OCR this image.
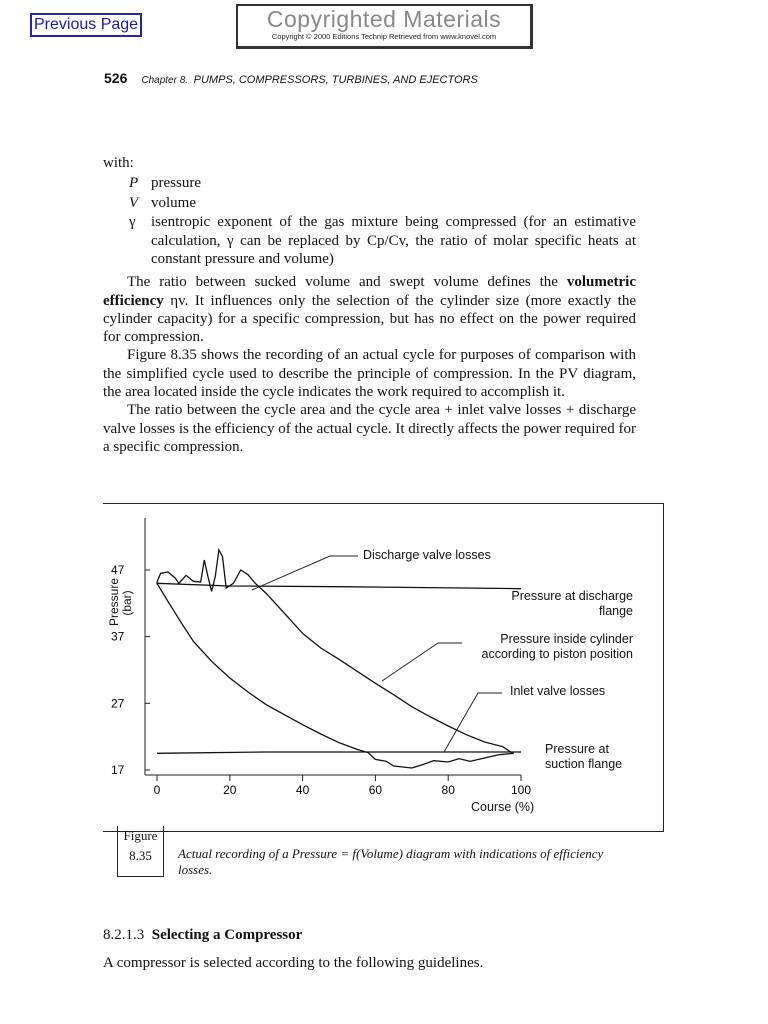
Previous Page	Copyrighted Materials
Copyright © 2000 Editions Technip Retrieved from www.knovel.com
526 Chapter 8. PUMPS, COMPRESSORS, TURBINES, AND EJECTORS

with:

P pressure
V volume
γ	isentropic exponent of the gas mixture being compressed (for an estimative calculation, γ can be replaced by Cp/Cv, the ratio of molar specific heats at constant pressure and volume)

The ratio between sucked volume and swept volume defines the volumetric efficiency ηv. It influences only the selection of the cylinder size (more exactly the cylinder capacity) for a specific compression, but has no effect on the power required for compression.

Figure 8.35 shows the recording of an actual cycle for purposes of comparison with the simplified cycle used to describe the principle of compression. In the PV diagram, the area located inside the cycle indicates the work required to accomplish it.

The ratio between the cycle area and the cycle area + inlet valve losses + discharge valve losses is the efficiency of the actual cycle. It directly affects the power required for a specific compression.

0	20	40	60	80	100
17
27
37
47
Pressure (bar)
Discharge valve losses
Pressure at discharge flange
Pressure inside cylinder according to piston position
Inlet valve losses
Pressure at suction flange
Course (%)
Figure
8.35	Actual recording of a Pressure = f(Volume) diagram with indications of efficiency losses.
8.2.1.3 Selecting a Compressor
A compressor is selected according to the following guidelines.
